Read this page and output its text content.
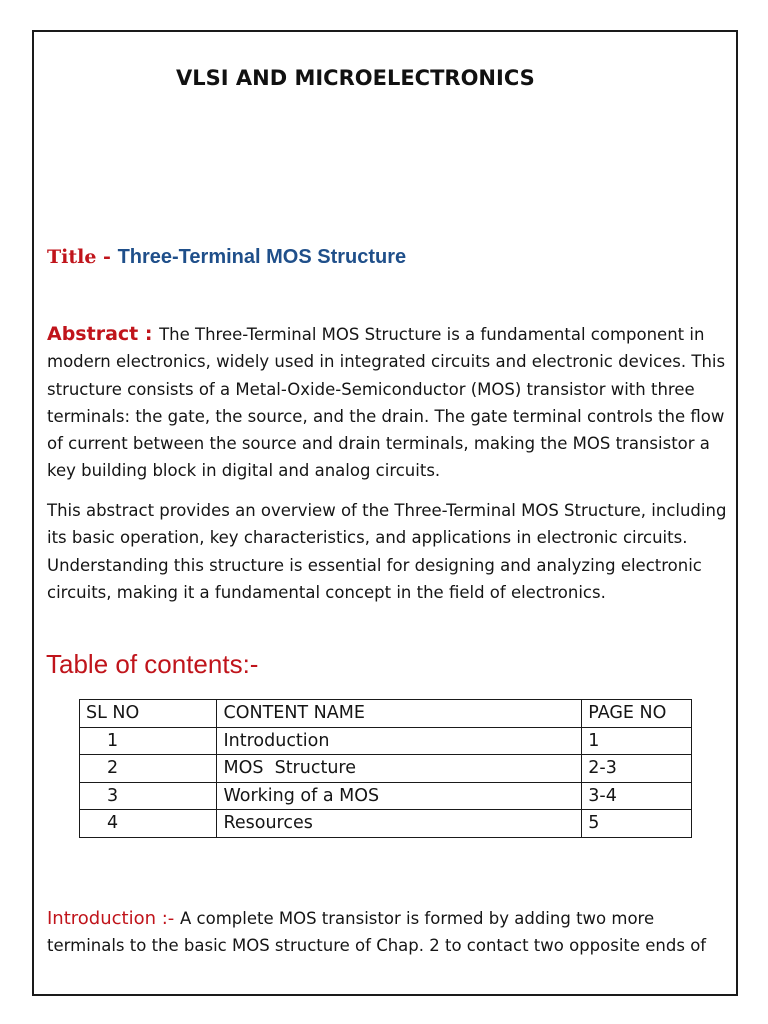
VLSI AND MICROELECTRONICS
Title - Three-Terminal MOS Structure
Abstract : The Three-Terminal MOS Structure is a fundamental component in modern electronics, widely used in integrated circuits and electronic devices. This structure consists of a Metal-Oxide-Semiconductor (MOS) transistor with three terminals: the gate, the source, and the drain. The gate terminal controls the flow of current between the source and drain terminals, making the MOS transistor a key building block in digital and analog circuits.
This abstract provides an overview of the Three-Terminal MOS Structure, including its basic operation, key characteristics, and applications in electronic circuits. Understanding this structure is essential for designing and analyzing electronic circuits, making it a fundamental concept in the field of electronics.
Table of contents:-
SL NO	CONTENT NAME	PAGE NO
1	Introduction	1
2	MOS  Structure	2-3
3	Working of a MOS	3-4
4	Resources	5
Introduction :- A complete MOS transistor is formed by adding two more terminals to the basic MOS structure of Chap. 2 to contact two opposite ends of
